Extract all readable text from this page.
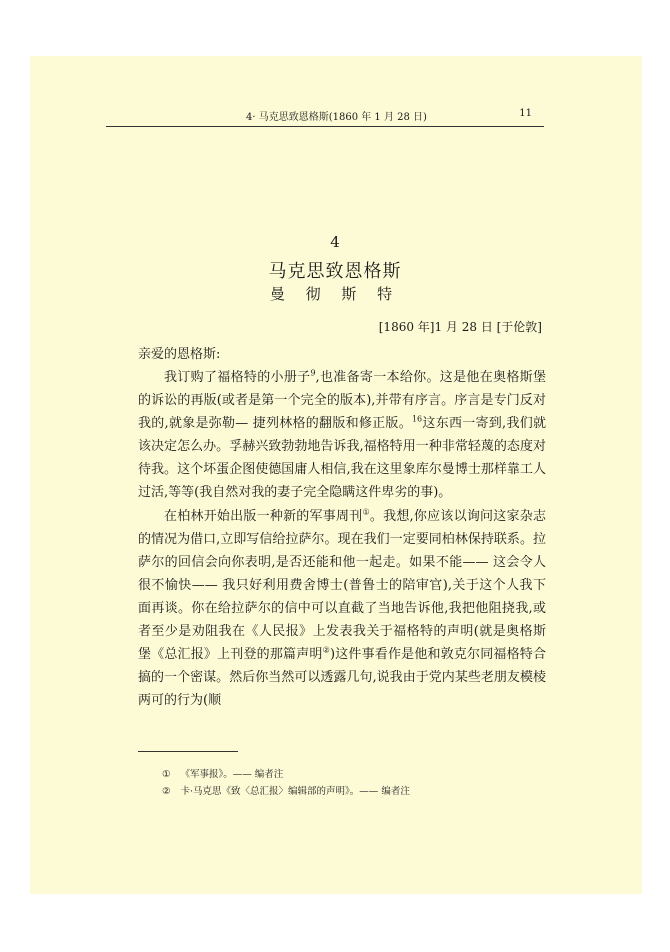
4· 马克思致恩格斯(1860 年 1 月 28 日)	11
4
马克思致恩格斯
曼 彻 斯 特
[1860 年]1 月 28 日 [于伦敦]
亲爱的恩格斯:

我订购了福格特的小册子$^9$,也准备寄一本给你。这是他在奥格斯堡的诉讼的再版(或者是第一个完全的版本),并带有序言。序言是专门反对我的,就象是弥勒— 捷列林格的翻版和修正版。$^{16}$这东西一寄到,我们就该决定怎么办。孚赫兴致勃勃地告诉我,福格特用一种非常轻蔑的态度对待我。这个坏蛋企图使德国庸人相信,我在这里象库尔曼博士那样靠工人过活,等等(我自然对我的妻子完全隐瞒这件卑劣的事)。

在柏林开始出版一种新的军事周刊①。我想,你应该以询问这家杂志的情况为借口,立即写信给拉萨尔。现在我们一定要同柏林保持联系。拉萨尔的回信会向你表明,是否还能和他一起走。如果不能—— 这会令人很不愉快—— 我只好利用费舍博士(普鲁士的陪审官),关于这个人我下面再谈。你在给拉萨尔的信中可以直截了当地告诉他,我把他阻挠我,或者至少是劝阻我在《人民报》上发表我关于福格特的声明(就是奥格斯堡《总汇报》上刊登的那篇声明②)这件事看作是他和敦克尔同福格特合搞的一个密谋。然后你当然可以透露几句,说我由于党内某些老朋友模棱两可的行为(顺

① 《军事报》。—— 编者注
② 卡·马克思《致〈总汇报〉编辑部的声明》。—— 编者注
